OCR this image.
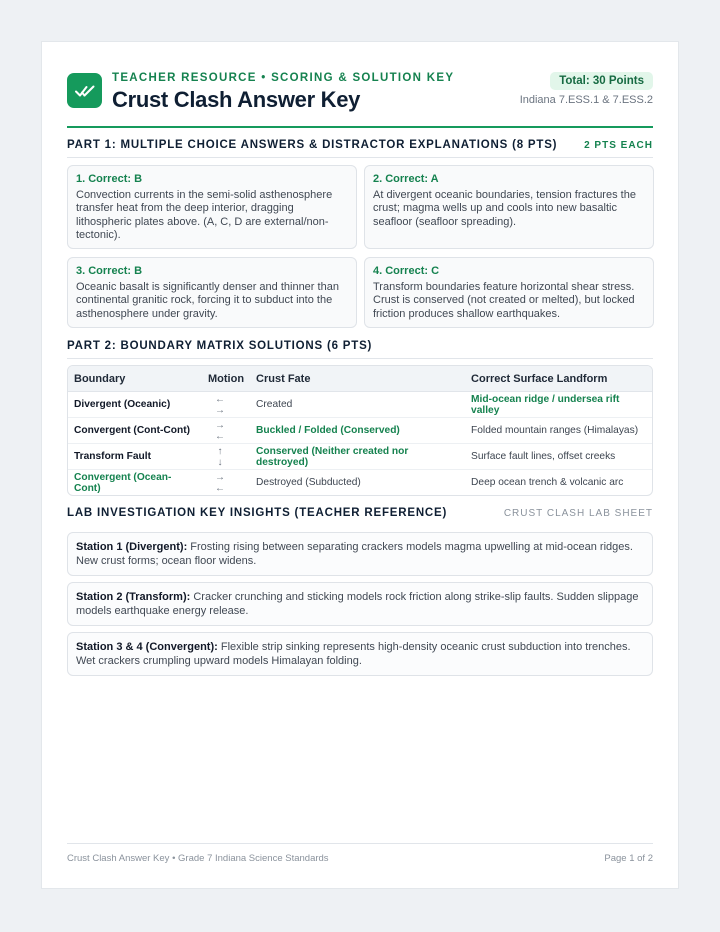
TEACHER RESOURCE • SCORING & SOLUTION KEY
Crust Clash Answer Key
Total: 30 Points
Indiana 7.ESS.1 & 7.ESS.2
PART 1: MULTIPLE CHOICE ANSWERS & DISTRACTOR EXPLANATIONS (8 PTS)	2 PTS EACH
1. Correct: B
Convection currents in the semi-solid asthenosphere transfer heat from the deep interior, dragging lithospheric plates above. (A, C, D are external/non-tectonic).
2. Correct: A
At divergent oceanic boundaries, tension fractures the crust; magma wells up and cools into new basaltic seafloor (seafloor spreading).
3. Correct: B
Oceanic basalt is significantly denser and thinner than continental granitic rock, forcing it to subduct into the asthenosphere under gravity.
4. Correct: C
Transform boundaries feature horizontal shear stress. Crust is conserved (not created or melted), but locked friction produces shallow earthquakes.
PART 2: BOUNDARY MATRIX SOLUTIONS (6 PTS)
Boundary	Motion	Crust Fate	Correct Surface Landform
Divergent (Oceanic)	←→	Created	Mid-ocean ridge / undersea rift valley
Convergent (Cont-Cont)	→←	Buckled / Folded (Conserved)	Folded mountain ranges (Himalayas)
Transform Fault	↑↓	Conserved (Neither created nor destroyed)	Surface fault lines, offset creeks
Convergent (Ocean-Cont)	→←	Destroyed (Subducted)	Deep ocean trench & volcanic arc
LAB INVESTIGATION KEY INSIGHTS (TEACHER REFERENCE)	CRUST CLASH LAB SHEET
Station 1 (Divergent): Frosting rising between separating crackers models magma upwelling at mid-ocean ridges. New crust forms; ocean floor widens.
Station 2 (Transform): Cracker crunching and sticking models rock friction along strike-slip faults. Sudden slippage models earthquake energy release.
Station 3 & 4 (Convergent): Flexible strip sinking represents high-density oceanic crust subduction into trenches. Wet crackers crumpling upward models Himalayan folding.
Crust Clash Answer Key • Grade 7 Indiana Science Standards	Page 1 of 2
